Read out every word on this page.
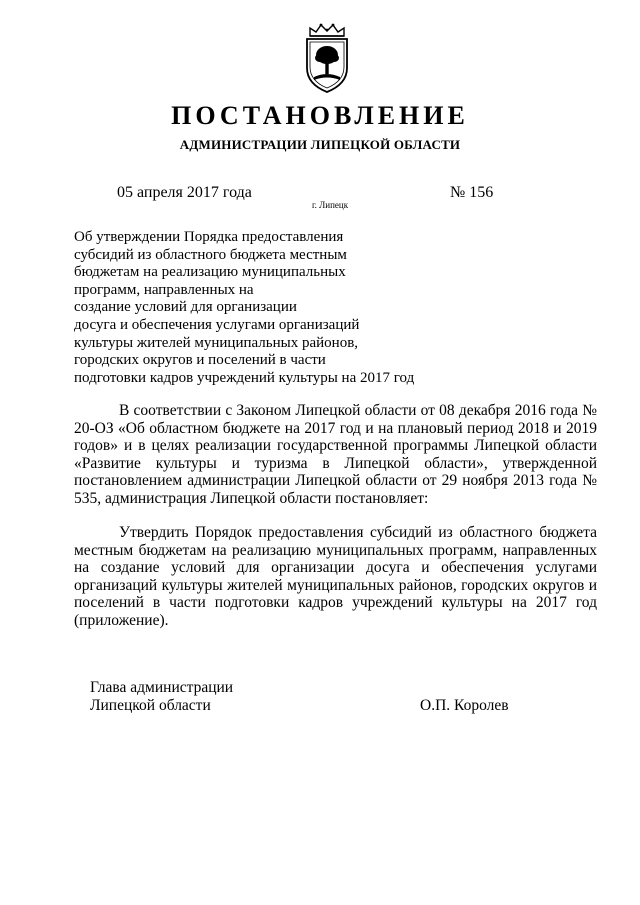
ПОСТАНОВЛЕНИЕ
АДМИНИСТРАЦИИ ЛИПЕЦКОЙ ОБЛАСТИ
05 апреля 2017 года
г. Липецк
№ 156
Об утверждении Порядка предоставления
субсидий из областного бюджета местным
бюджетам на реализацию муниципальных
программ, направленных на
создание условий для организации
досуга и обеспечения услугами организаций
культуры жителей муниципальных районов,
городских округов и поселений в части
подготовки кадров учреждений культуры на 2017 год

В соответствии с Законом Липецкой области от 08 декабря 2016 года № 20-ОЗ «Об областном бюджете на 2017 год и на плановый период 2018 и 2019 годов» и в целях реализации государственной программы Липецкой области «Развитие культуры и туризма в Липецкой области», утвержденной постановлением администрации Липецкой области от 29 ноября 2013 года № 535, администрация Липецкой области постановляет:

Утвердить Порядок предоставления субсидий из областного бюджета местным бюджетам на реализацию муниципальных программ, направленных на создание условий для организации досуга и обеспечения услугами организаций культуры жителей муниципальных районов, городских округов и поселений в части подготовки кадров учреждений культуры на 2017 год (приложение).

Глава администрации
Липецкой области	О.П. Королев
